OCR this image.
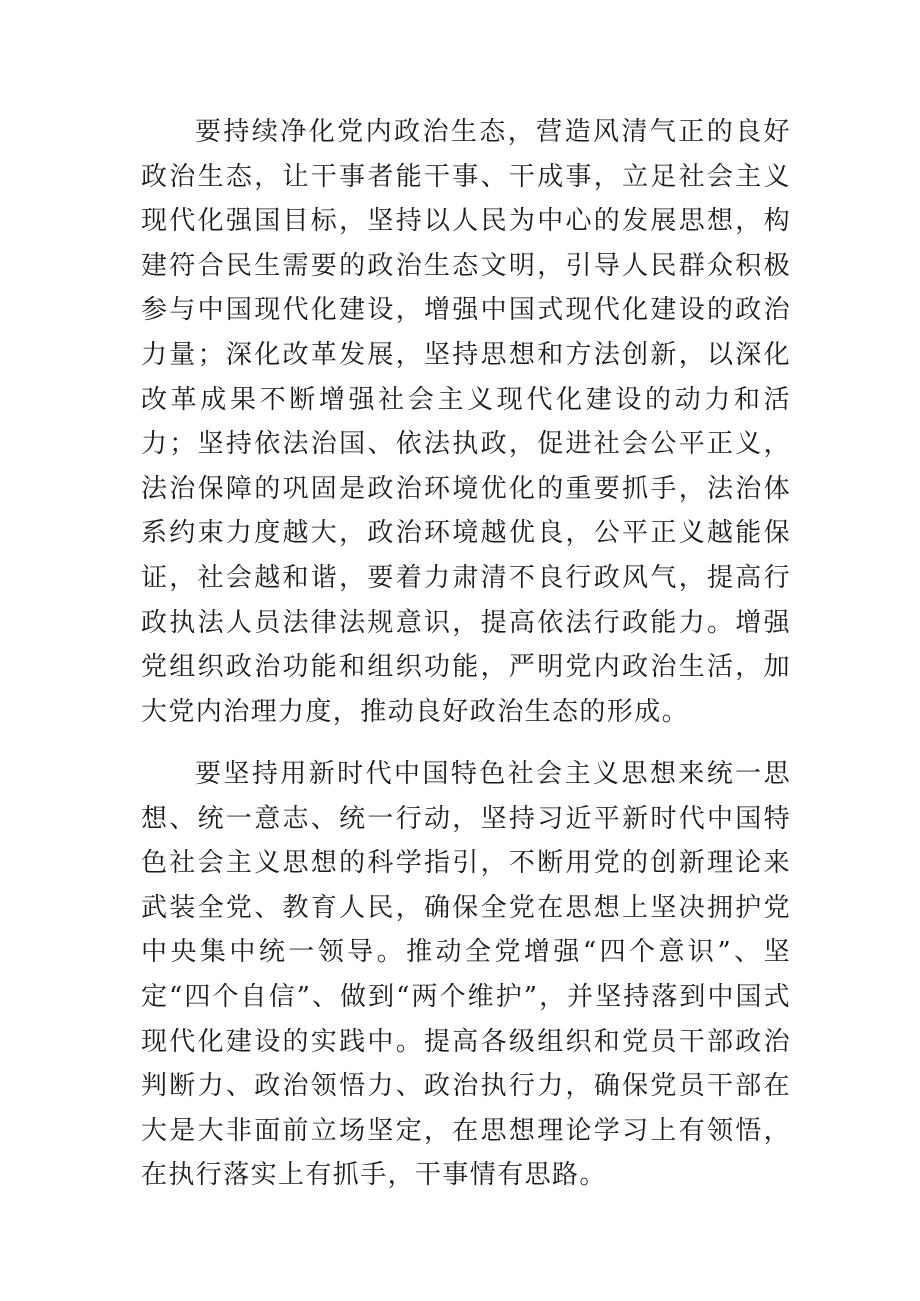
要持续净化党内政治生态，营造风清气正的良好政治生态，让干事者能干事、干成事，立足社会主义现代化强国目标，坚持以人民为中心的发展思想，构建符合民生需要的政治生态文明，引导人民群众积极参与中国现代化建设，增强中国式现代化建设的政治力量；深化改革发展，坚持思想和方法创新，以深化改革成果不断增强社会主义现代化建设的动力和活力；坚持依法治国、依法执政，促进社会公平正义，法治保障的巩固是政治环境优化的重要抓手，法治体系约束力度越大，政治环境越优良，公平正义越能保证，社会越和谐，要着力肃清不良行政风气，提高行政执法人员法律法规意识，提高依法行政能力。增强党组织政治功能和组织功能，严明党内政治生活，加大党内治理力度，推动良好政治生态的形成。

要坚持用新时代中国特色社会主义思想来统一思想、统一意志、统一行动，坚持习近平新时代中国特色社会主义思想的科学指引，不断用党的创新理论来武装全党、教育人民，确保全党在思想上坚决拥护党中央集中统一领导。推动全党增强“四个意识”、坚定“四个自信”、做到“两个维护”，并坚持落到中国式现代化建设的实践中。提高各级组织和党员干部政治判断力、政治领悟力、政治执行力，确保党员干部在大是大非面前立场坚定，在思想理论学习上有领悟，在执行落实上有抓手，干事情有思路。
